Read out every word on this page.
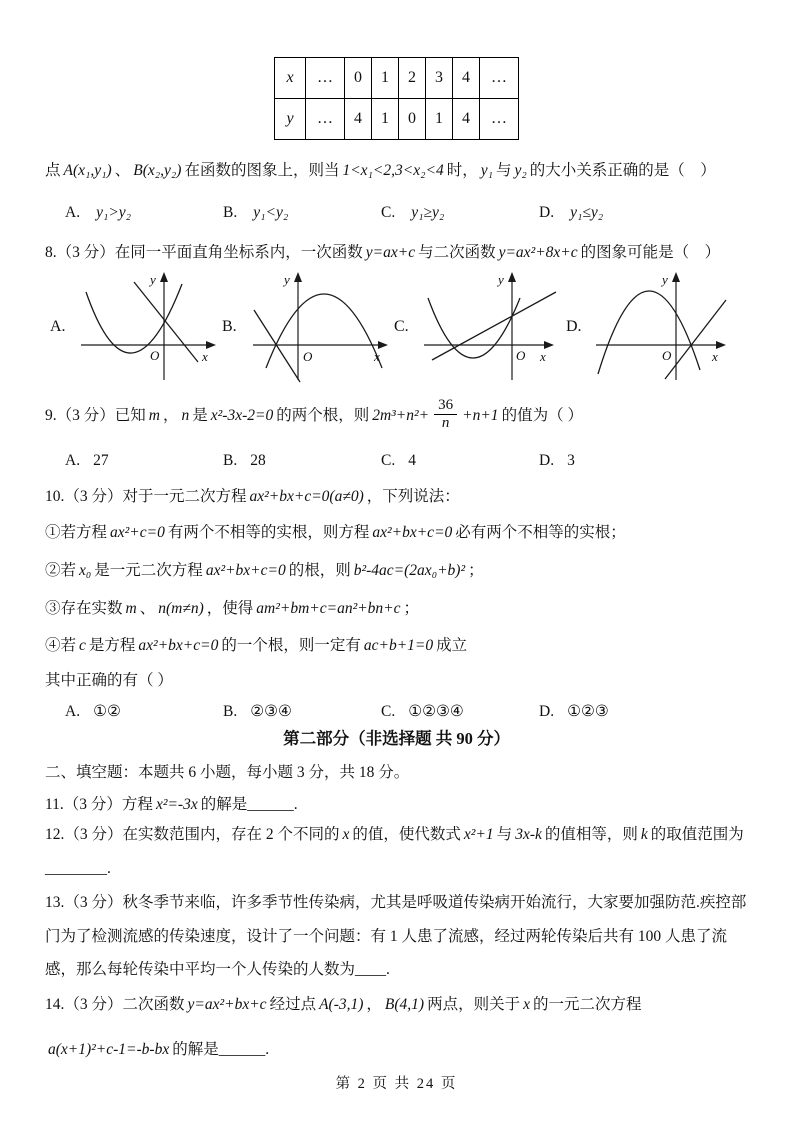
x	…	0	1	2	3	4	…
y	…	4	1	0	1	4	…

点 A(x₁,y₁) 、 B(x₂,y₂) 在函数的图象上，则当 1<x₁<2,3<x₂<4 时， y₁ 与 y₂ 的大小关系正确的是（　）

A. y₁>y₂	B. y₁<y₂	C. y₁≥y₂	D. y₁≤y₂

8.（3 分）在同一平面直角坐标系内，一次函数 y=ax+c 与二次函数 y=ax²+8x+c 的图象可能是（　）

A.
y
x
O
B.
y
x
O
C.
y
x
O
D.
y
x
O

9.（3 分）已知 m ， n 是 x²-3x-2=0 的两个根，则 $2m^3+n^2+ \frac{36}{n} +n+1$ 的值为（ ）

A. 27	B. 28	C. 4	D. 3

10.（3 分）对于一元二次方程 ax²+bx+c=0(a≠0) ，下列说法：

①若方程 ax²+c=0 有两个不相等的实根，则方程 ax²+bx+c=0 必有两个不相等的实根；

②若 x₀ 是一元二次方程 ax²+bx+c=0 的根，则 b²-4ac=(2ax₀+b)² ；

③存在实数 m 、 n(m≠n) ，使得 am²+bm+c=an²+bn+c ；

④若 c 是方程 ax²+bx+c=0 的一个根，则一定有 ac+b+1=0 成立

其中正确的有（ ）

A. ①②	B. ②③④	C. ①②③④	D. ①②③

第二部分（非选择题 共 90 分）

二、填空题：本题共 6 小题，每小题 3 分，共 18 分。

11.（3 分）方程 x²=-3x 的解是______.

12.（3 分）在实数范围内，存在 2 个不同的 x 的值，使代数式 x²+1 与 3x-k 的值相等，则 k 的取值范围为________.

13.（3 分）秋冬季节来临，许多季节性传染病，尤其是呼吸道传染病开始流行，大家要加强防范.疾控部门为了检测流感的传染速度，设计了一个问题：有 1 人患了流感，经过两轮传染后共有 100 人患了流感，那么每轮传染中平均一个人传染的人数为____.

14.（3 分）二次函数 y=ax²+bx+c 经过点 A(-3,1) ， B(4,1) 两点，则关于 x 的一元二次方程a(x+1)²+c-1=-b-bx 的解是______.

第 2 页 共 24 页
